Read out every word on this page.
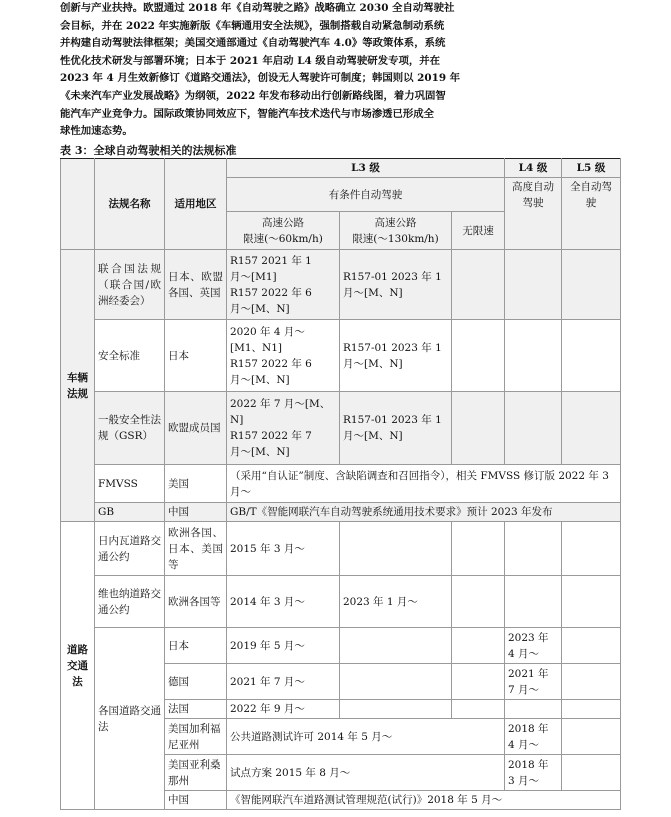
创新与产业扶持。欧盟通过 2018 年《自动驾驶之路》战略确立 2030 全自动驾驶社
会目标，并在 2022 年实施新版《车辆通用安全法规》，强制搭载自动紧急制动系统
并构建自动驾驶法律框架；美国交通部通过《自动驾驶汽车 4.0》等政策体系，系统
性优化技术研发与部署环境；日本于 2021 年启动 L4 级自动驾驶研发专项，并在
2023 年 4 月生效新修订《道路交通法》，创设无人驾驶许可制度；韩国则以 2019 年
《未来汽车产业发展战略》为纲领，2022 年发布移动出行创新路线图，着力巩固智
能汽车产业竞争力。国际政策协同效应下，智能汽车技术迭代与市场渗透已形成全
球性加速态势。
表 3：全球自动驾驶相关的法规标准
	法规名称	适用地区	L3 级			L4 级	L5 级
			有条件自动驾驶			高度自动驾驶	全自动驾驶
			高速公路
限速(〜60km/h)	高速公路
限速(〜130km/h)	无限速		
车辆
法规	联合国法规（联合国/欧洲经委会）	日本、欧盟各国、英国	R157 2021 年 1 月〜[M1]
R157 2022 年 6 月〜[M、N]	R157-01 2023 年 1 月〜[M、N]			
	安全标准	日本	2020 年 4 月〜[M1、N1]
R157 2022 年 6 月〜[M、N]	R157-01 2023 年 1 月〜[M、N]			
	一般安全性法规（GSR）	欧盟成员国	2022 年 7 月〜[M、N]
R157 2022 年 7 月〜[M、N]	R157-01 2023 年 1 月〜[M、N]			
	FMVSS	美国	（采用“自认证”制度、含缺陷调查和召回指令），相关 FMVSS 修订版 2022 年 3 月〜				
	GB	中国	GB/T《智能网联汽车自动驾驶系统通用技术要求》预计 2023 年发布				
道路
交通
法	日内瓦道路交通公约	欧洲各国、日本、美国等	2015 年 3 月〜				
	维也纳道路交通公约	欧洲各国等	2014 年 3 月〜	2023 年 1 月〜			
	各国道路交通法	日本	2019 年 5 月〜			2023 年 4 月〜	
		德国	2021 年 7 月〜			2021 年 7 月〜	
		法国	2022 年 9 月〜				
		美国加利福尼亚州	公共道路测试许可 2014 年 5 月〜			2018 年 4 月〜	
		美国亚利桑那州	试点方案 2015 年 8 月〜			2018 年 3 月〜	
		中国	《智能网联汽车道路测试管理规范(试行)》2018 年 5 月〜				
